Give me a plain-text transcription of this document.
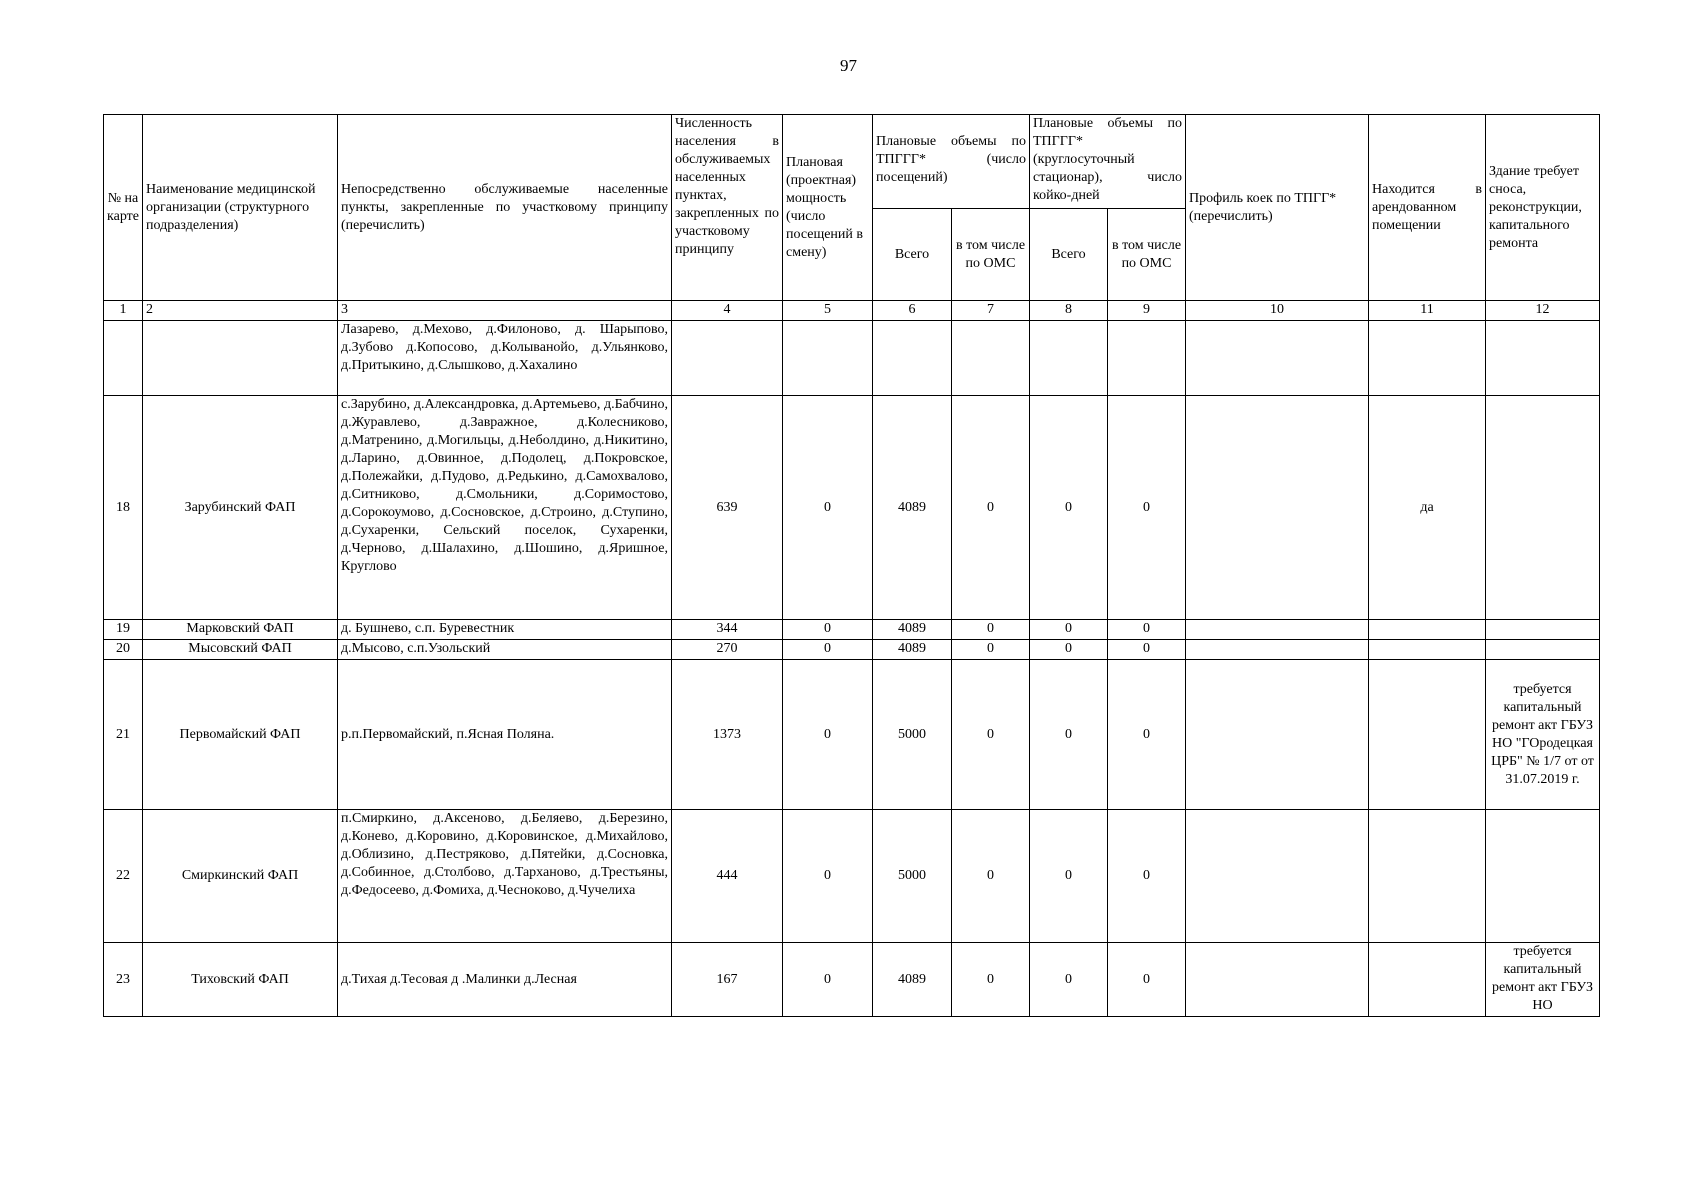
97
№ на карте	Наименование медицинской организации (структурного подразделения)	Непосредственно обслуживаемые населенные пункты, закрепленные по участковому принципу (перечислить)	Численность населения в обслуживаемых населенных пунктах, закрепленных по участковому принципу	Плановая (проектная) мощность (число посещений в смену)	Плановые объемы по ТПГГГ* (число посещений)		Плановые объемы по ТПГГГ* (круглосуточный стационар), число койко-дней		Профиль коек по ТПГГ* (перечислить)	Находится в арендованном помещении	Здание требует сноса, реконструкции, капитального ремонта
					Всего	в том числе по ОМС	Всего	в том числе по ОМС			
1	2	3	4	5	6	7	8	9	10	11	12
		Лазарево, д.Мехово, д.Филоново, д. Шарыпово, д.Зубово д.Копосово, д.Колыванойо, д.Ульянково, д.Притыкино, д.Слышково, д.Хахалино									
18	Зарубинский ФАП	с.Зарубино, д.Александровка, д.Артемьево, д.Бабчино, д.Журавлево, д.Завражное, д.Колесниково, д.Матренино, д.Могильцы, д.Неболдино, д.Никитино, д.Ларино, д.Овинное, д.Подолец, д.Покровское, д.Полежайки, д.Пудово, д.Редькино, д.Самохвалово, д.Ситниково, д.Смольники, д.Соримостово, д.Сорокоумово, д.Сосновское, д.Строино, д.Ступино, д.Сухаренки, Сельский поселок, Сухаренки, д.Черново, д.Шалахино, д.Шошино, д.Яришное, Круглово	639	0	4089	0	0	0		да	
19	Марковский ФАП	д. Бушнево, с.п. Буревестник	344	0	4089	0	0	0			
20	Мысовский ФАП	д.Мысово, с.п.Узольский	270	0	4089	0	0	0			
21	Первомайский ФАП	р.п.Первомайский, п.Ясная Поляна.	1373	0	5000	0	0	0			требуется капитальный ремонт акт ГБУЗ НО "ГОродецкая ЦРБ" № 1/7 от от 31.07.2019 г.
22	Смиркинский ФАП	п.Смиркино, д.Аксеново, д.Беляево, д.Березино, д.Конево, д.Коровино, д.Коровинское, д.Михайлово, д.Облизино, д.Пестряково, д.Пятейки, д.Сосновка, д.Собинное, д.Столбово, д.Тарханово, д.Трестьяны, д.Федосеево, д.Фомиха, д.Чесноково, д.Чучелиха	444	0	5000	0	0	0			
23	Тиховский ФАП	д.Тихая д.Тесовая д .Малинки д.Лесная	167	0	4089	0	0	0			требуется капитальный ремонт акт ГБУЗ НО
